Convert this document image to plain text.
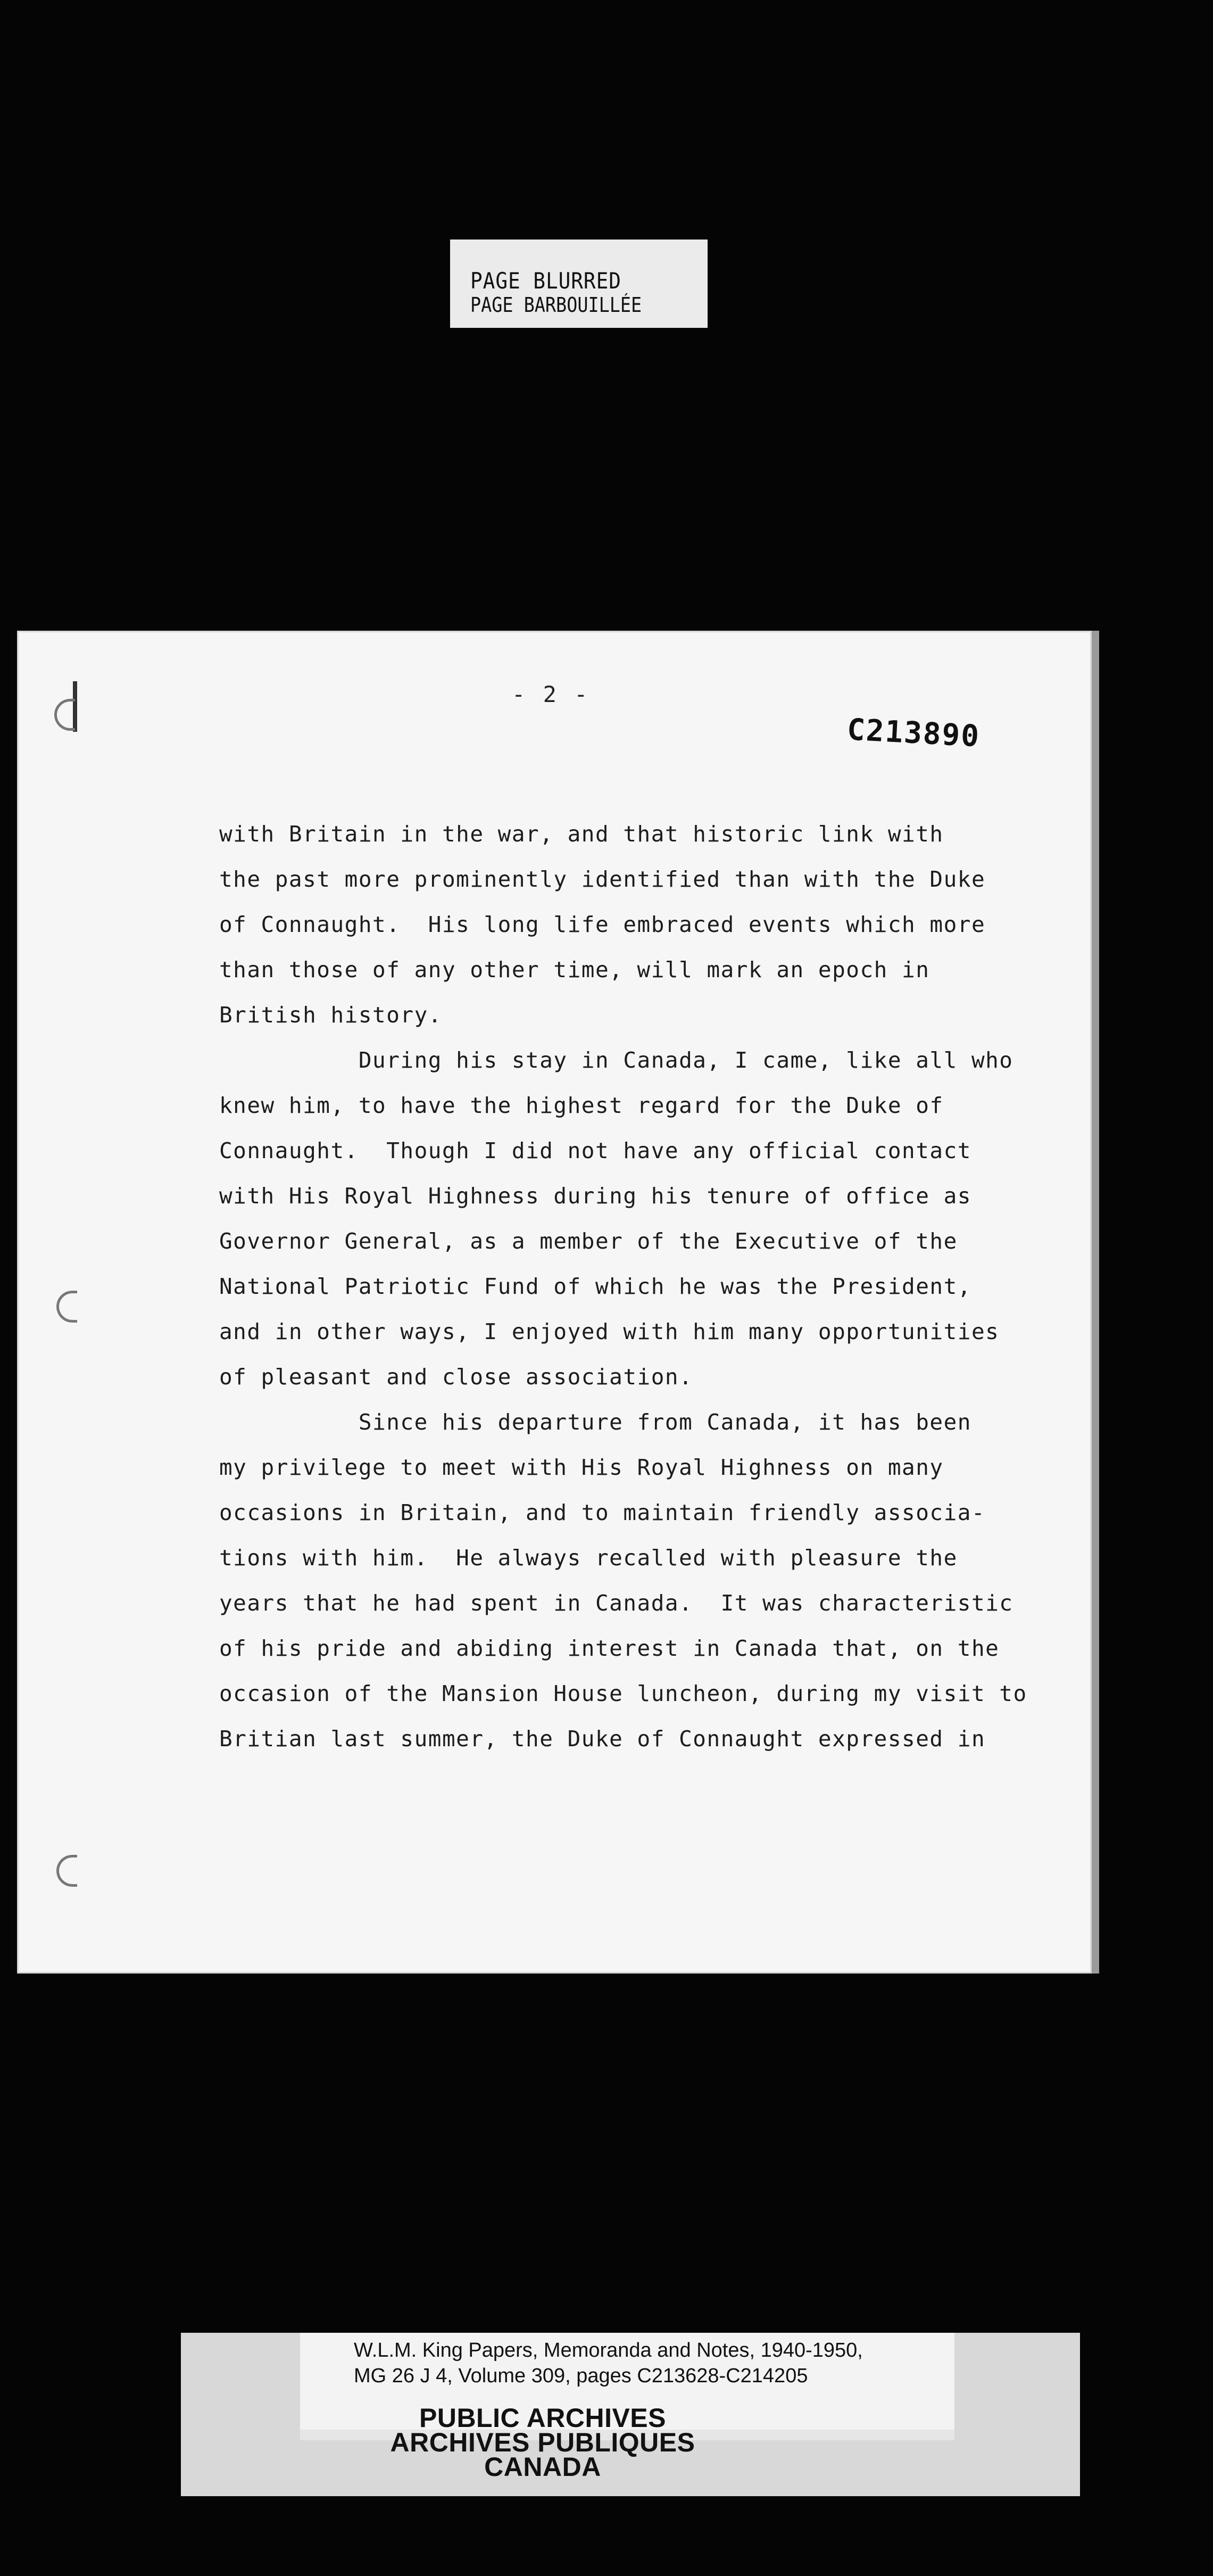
PAGE BLURRED
PAGE BARBOUILLÉE
- 2 -
C213890
with Britain in the war, and that historic link with
the past more prominently identified than with the Duke
of Connaught.  His long life embraced events which more
than those of any other time, will mark an epoch in
British history.
During his stay in Canada, I came, like all who
knew him, to have the highest regard for the Duke of
Connaught.  Though I did not have any official contact
with His Royal Highness during his tenure of office as
Governor General, as a member of the Executive of the
National Patriotic Fund of which he was the President,
and in other ways, I enjoyed with him many opportunities
of pleasant and close association.
Since his departure from Canada, it has been
my privilege to meet with His Royal Highness on many
occasions in Britain, and to maintain friendly associa-
tions with him.  He always recalled with pleasure the
years that he had spent in Canada.  It was characteristic
of his pride and abiding interest in Canada that, on the
occasion of the Mansion House luncheon, during my visit to
Britian last summer, the Duke of Connaught expressed in
W.L.M. King Papers, Memoranda and Notes, 1940-1950,
MG 26 J 4, Volume 309, pages C213628-C214205
PUBLIC ARCHIVES
ARCHIVES PUBLIQUES
CANADA
